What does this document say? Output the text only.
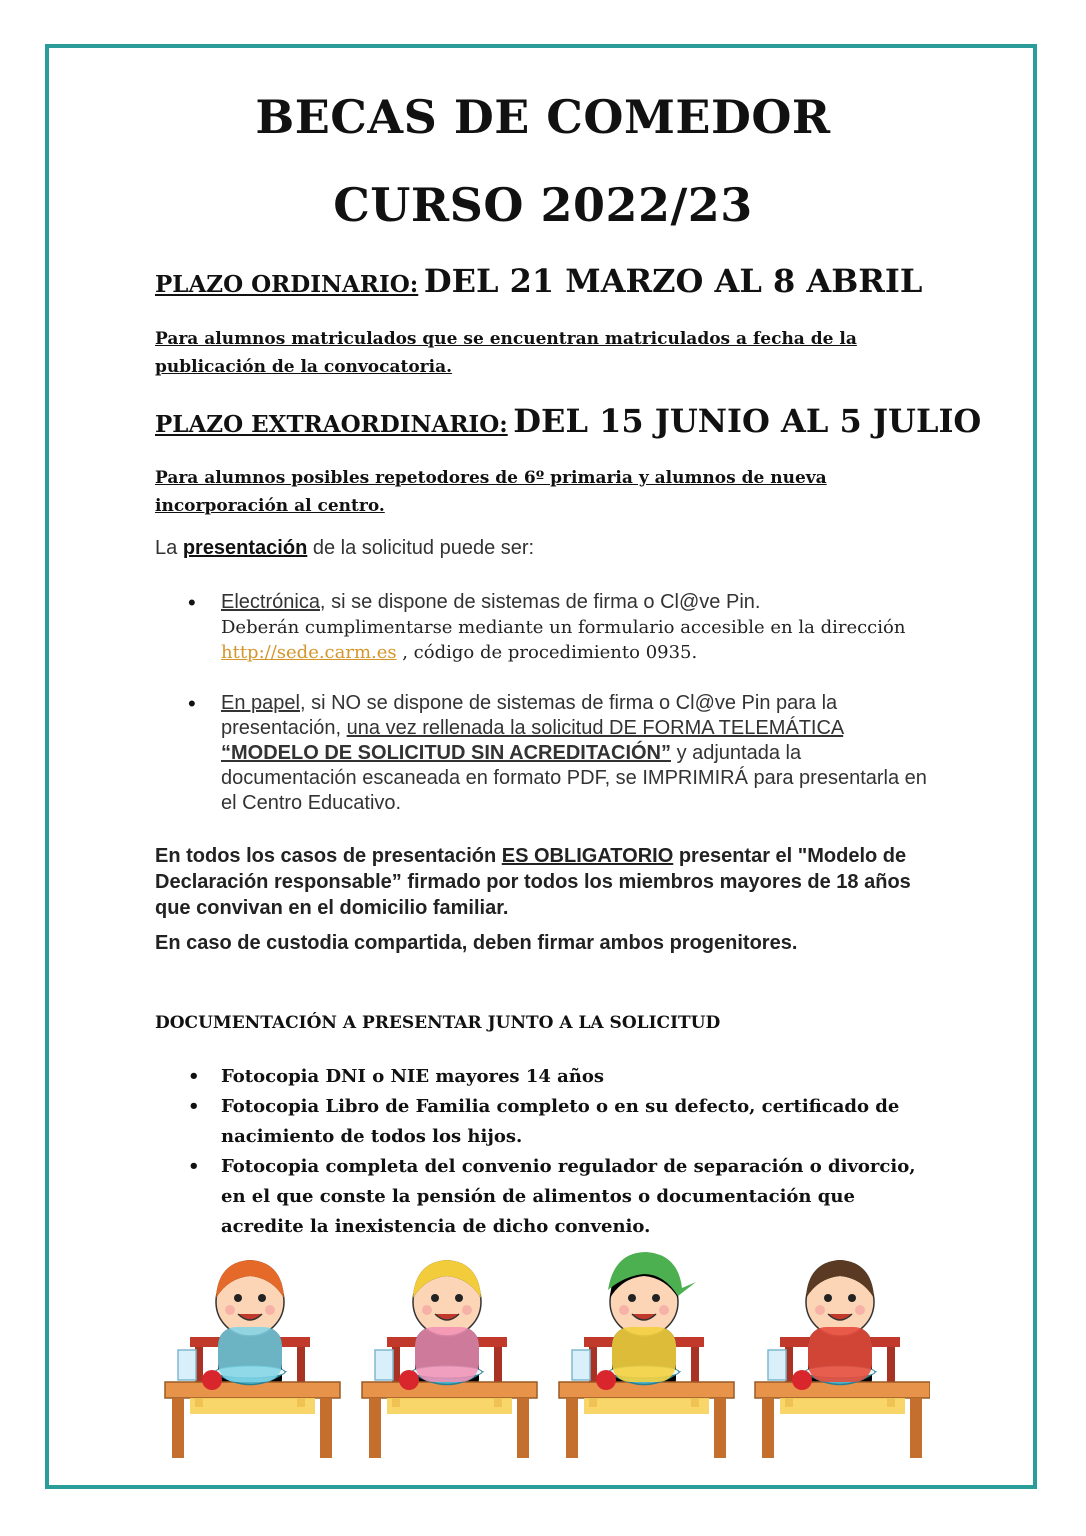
BECAS DE COMEDOR
CURSO 2022/23
PLAZO ORDINARIO: DEL 21 MARZO AL 8 ABRIL
Para alumnos matriculados que se encuentran matriculados a fecha de la publicación de la convocatoria.
PLAZO EXTRAORDINARIO: DEL 15 JUNIO AL 5 JULIO
Para alumnos posibles repetodores de 6º primaria y alumnos de nueva incorporación al centro.
La presentación de la solicitud puede ser:
• Electrónica, si se dispone de sistemas de firma o Cl@ve Pin.
Deberán cumplimentarse mediante un formulario accesible en la dirección
http://sede.carm.es , código de procedimiento 0935.
• En papel, si NO se dispone de sistemas de firma o Cl@ve Pin para la presentación, una vez rellenada la solicitud DE FORMA TELEMÁTICA “MODELO DE SOLICITUD SIN ACREDITACIÓN” y adjuntada la documentación escaneada en formato PDF, se IMPRIMIRÁ para presentarla en el Centro Educativo.
En todos los casos de presentación ES OBLIGATORIO presentar el "Modelo de Declaración responsable” firmado por todos los miembros mayores de 18 años que convivan en el domicilio familiar.
En caso de custodia compartida, deben firmar ambos progenitores.
DOCUMENTACIÓN A PRESENTAR JUNTO A LA SOLICITUD
• Fotocopia DNI o NIE mayores 14 años
• Fotocopia Libro de Familia completo o en su defecto, certificado de nacimiento de todos los hijos.
• Fotocopia completa del convenio regulador de separación o divorcio, en el que conste la pensión de alimentos o documentación que acredite la inexistencia de dicho convenio.
